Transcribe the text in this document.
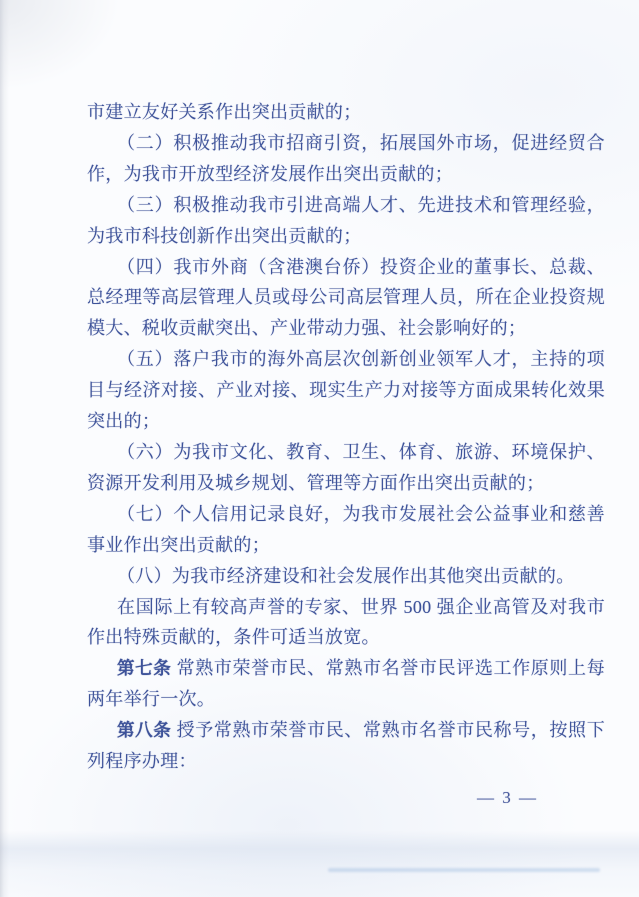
市建立友好关系作出突出贡献的；

（二）积极推动我市招商引资，拓展国外市场，促进经贸合作，为我市开放型经济发展作出突出贡献的；

（三）积极推动我市引进高端人才、先进技术和管理经验，为我市科技创新作出突出贡献的；

（四）我市外商（含港澳台侨）投资企业的董事长、总裁、总经理等高层管理人员或母公司高层管理人员，所在企业投资规模大、税收贡献突出、产业带动力强、社会影响好的；

（五）落户我市的海外高层次创新创业领军人才，主持的项目与经济对接、产业对接、现实生产力对接等方面成果转化效果突出的；

（六）为我市文化、教育、卫生、体育、旅游、环境保护、资源开发利用及城乡规划、管理等方面作出突出贡献的；

（七）个人信用记录良好，为我市发展社会公益事业和慈善事业作出突出贡献的；

（八）为我市经济建设和社会发展作出其他突出贡献的。

在国际上有较高声誉的专家、世界 500 强企业高管及对我市作出特殊贡献的，条件可适当放宽。

第七条 常熟市荣誉市民、常熟市名誉市民评选工作原则上每两年举行一次。

第八条 授予常熟市荣誉市民、常熟市名誉市民称号，按照下列程序办理：

— 3 —
